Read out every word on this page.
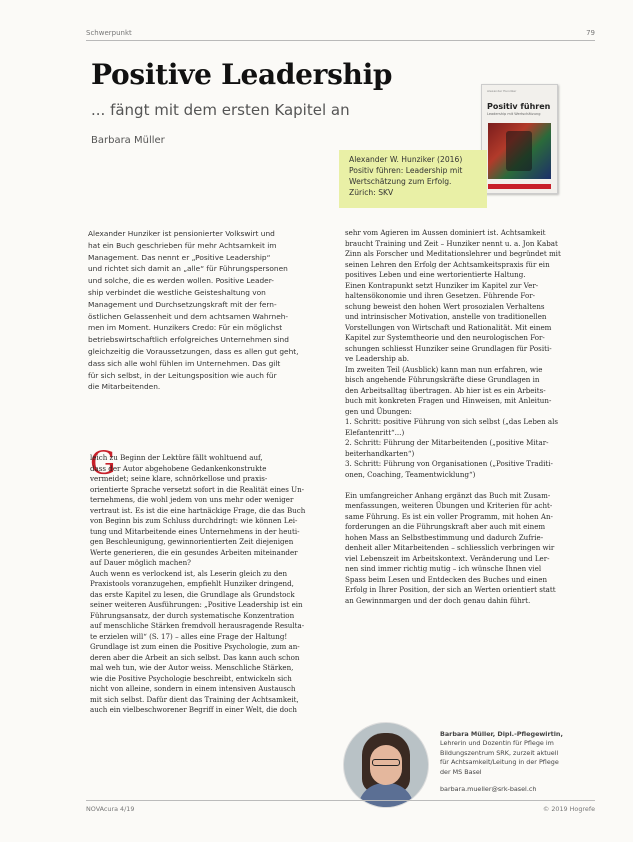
Schwerpunkt	79
Positive Leadership
... fängt mit dem ersten Kapitel an
Barbara Müller
Alexander Hunziker
Positiv führen
Leadership mit Wertschätzung
Alexander W. Hunziker (2016)
Positiv führen: Leadership mit
Wertschätzung zum Erfolg.
Zürich: SKV
Alexander Hunziker ist pensionierter Volkswirt und
hat ein Buch geschrieben für mehr Achtsamkeit im
Management. Das nennt er „Positive Leadership“
und richtet sich damit an „alle“ für Führungspersonen
und solche, die es werden wollen. Positive Leader-
ship verbindet die westliche Geisteshaltung von
Management und Durchsetzungskraft mit der fern-
östlichen Gelassenheit und dem achtsamen Wahrneh-
men im Moment. Hunzikers Credo: Für ein möglichst
betriebswirtschaftlich erfolgreiches Unternehmen sind
gleichzeitig die Voraussetzungen, dass es allen gut geht,
dass sich alle wohl fühlen im Unternehmen. Das gilt
für sich selbst, in der Leitungsposition wie auch für
die Mitarbeitenden.
G
leich zu Beginn der Lektüre fällt wohltuend auf,
dass der Autor abgehobene Gedankenkonstrukte
vermeidet; seine klare, schnörkellose und praxis-
orientierte Sprache versetzt sofort in die Realität eines Un-
ternehmens, die wohl jedem von uns mehr oder weniger
vertraut ist. Es ist die eine hartnäckige Frage, die das Buch
von Beginn bis zum Schluss durchdringt: wie können Lei-
tung und Mitarbeitende eines Unternehmens in der heuti-
gen Beschleunigung, gewinnorientierten Zeit diejenigen
Werte generieren, die ein gesundes Arbeiten miteinander
auf Dauer möglich machen?
Auch wenn es verlockend ist, als Leserin gleich zu den
Praxistools voranzugehen, empfiehlt Hunziker dringend,
das erste Kapitel zu lesen, die Grundlage als Grundstock
seiner weiteren Ausführungen: „Positive Leadership ist ein
Führungsansatz, der durch systematische Konzentration
auf menschliche Stärken fremdvoll herausragende Resulta-
te erzielen will“ (S. 17) – alles eine Frage der Haltung!
Grundlage ist zum einen die Positive Psychologie, zum an-
deren aber die Arbeit an sich selbst. Das kann auch schon
mal weh tun, wie der Autor weiss. Menschliche Stärken,
wie die Positive Psychologie beschreibt, entwickeln sich
nicht von alleine, sondern in einem intensiven Austausch
mit sich selbst. Dafür dient das Training der Achtsamkeit,
auch ein vielbeschworener Begriff in einer Welt, die doch
sehr vom Agieren im Aussen dominiert ist. Achtsamkeit
braucht Training und Zeit – Hunziker nennt u. a. Jon Kabat
Zinn als Forscher und Meditationslehrer und begründet mit
seinen Lehren den Erfolg der Achtsamkeitspraxis für ein
positives Leben und eine wertorientierte Haltung.
Einen Kontrapunkt setzt Hunziker im Kapitel zur Ver-
haltensökonomie und ihren Gesetzen. Führende For-
schung beweist den hohen Wert prosozialen Verhaltens
und intrinsischer Motivation, anstelle von traditionellen
Vorstellungen von Wirtschaft und Rationalität. Mit einem
Kapitel zur Systemtheorie und den neurologischen For-
schungen schliesst Hunziker seine Grundlagen für Positi-
ve Leadership ab.
Im zweiten Teil (Ausblick) kann man nun erfahren, wie
bisch angehende Führungskräfte diese Grundlagen in
den Arbeitsalltag übertragen. Ab hier ist es ein Arbeits-
buch mit konkreten Fragen und Hinweisen, mit Anleitun-
gen und Übungen:
1. Schritt: positive Führung von sich selbst („das Leben als
Elefantenritt“...)
2. Schritt: Führung der Mitarbeitenden („positive Mitar-
beiterhandkarten“)
3. Schritt: Führung von Organisationen („Positive Traditi-
onen, Coaching, Teamentwicklung“)

Ein umfangreicher Anhang ergänzt das Buch mit Zusam-
menfassungen, weiteren Übungen und Kriterien für acht-
same Führung. Es ist ein voller Programm, mit hohen An-
forderungen an die Führungskraft aber auch mit einem
hohen Mass an Selbstbestimmung und dadurch Zufrie-
denheit aller Mitarbeitenden – schliesslich verbringen wir
viel Lebenszeit im Arbeitskontext. Veränderung und Ler-
nen sind immer richtig mutig – ich wünsche Ihnen viel
Spass beim Lesen und Entdecken des Buches und einen
Erfolg in Ihrer Position, der sich an Werten orientiert statt
an Gewinnmargen und der doch genau dahin führt.
Barbara Müller, Dipl.-Pflegewirtin,
Lehrerin und Dozentin für Pflege im
Bildungszentrum SRK, zurzeit aktuell
für Achtsamkeit/Leitung in der Pflege
der MS Basel
barbara.mueller@srk-basel.ch
NOVAcura 4/19	© 2019 Hogrefe
